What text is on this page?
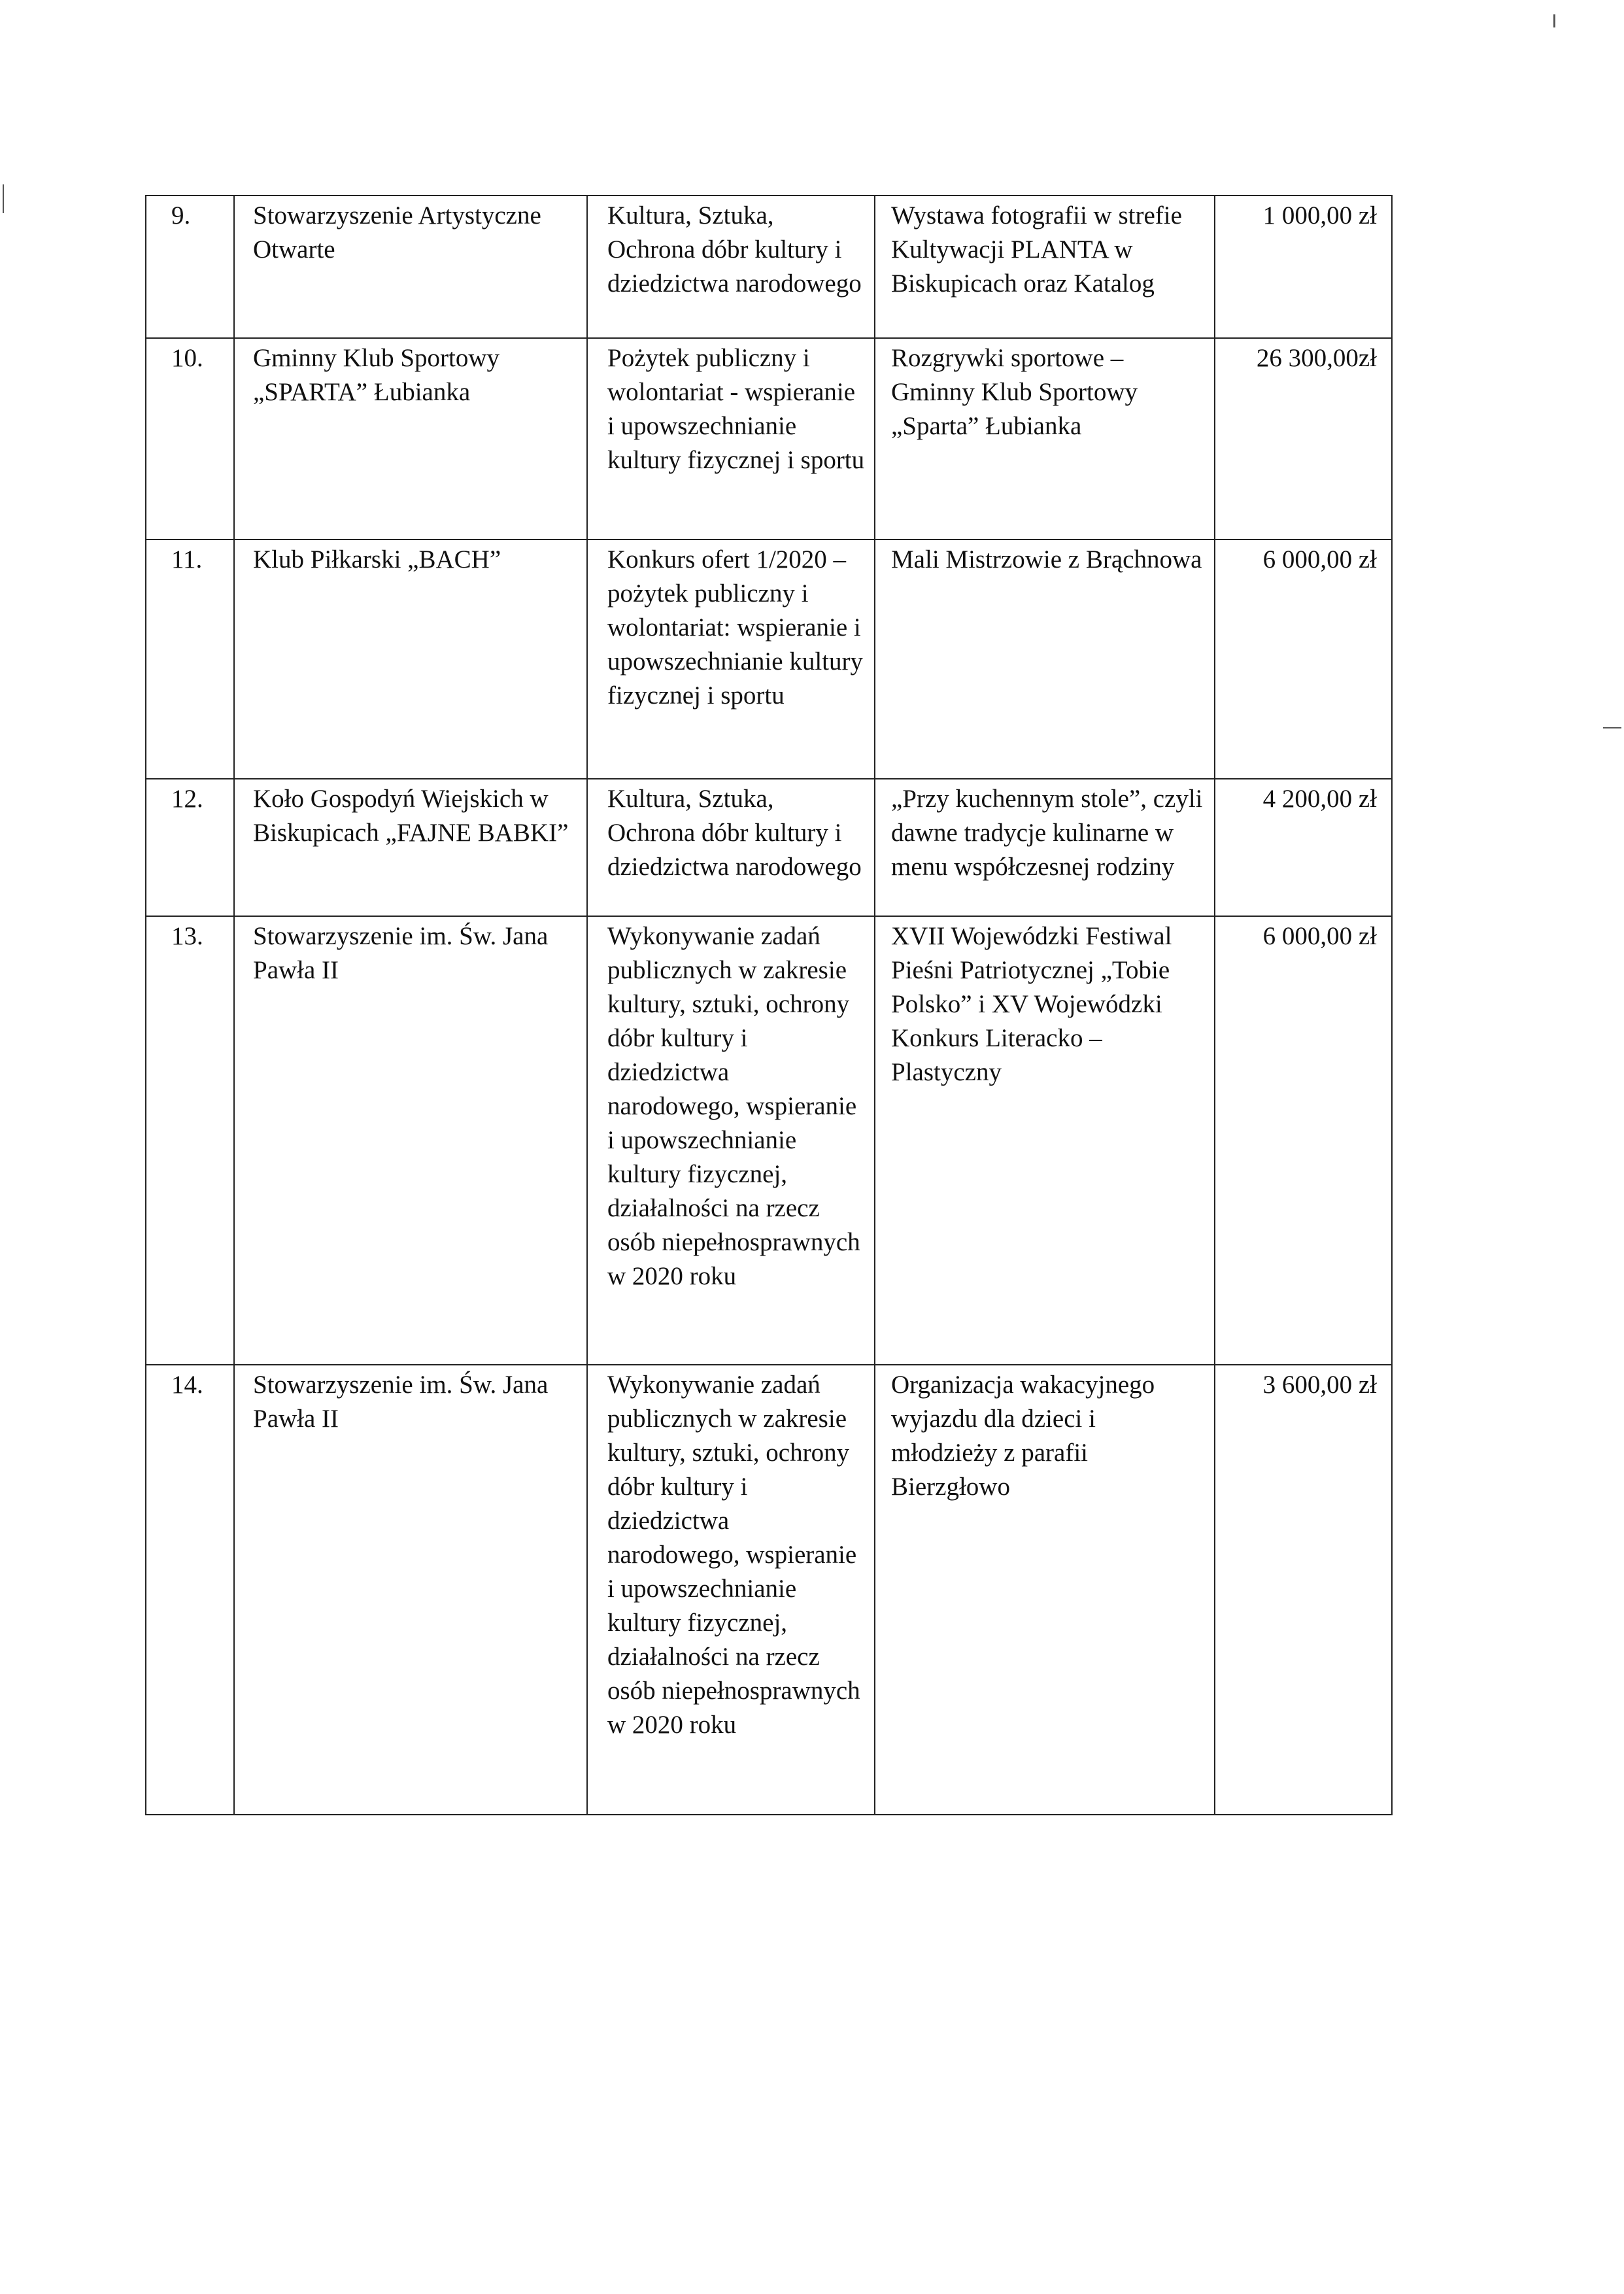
9.	Stowarzyszenie Artystyczne Otwarte	Kultura, Sztuka, Ochrona dóbr kultury i dziedzictwa narodowego	Wystawa fotografii w strefie Kultywacji PLANTA w Biskupicach oraz Katalog	1 000,00 zł
10.	Gminny Klub Sportowy „SPARTA” Łubianka	Pożytek publiczny i wolontariat - wspieranie i upowszechnianie kultury fizycznej i sportu	Rozgrywki sportowe – Gminny Klub Sportowy „Sparta” Łubianka	26 300,00zł
11.	Klub Piłkarski „BACH”	Konkurs ofert 1/2020 – pożytek publiczny i wolontariat: wspieranie i upowszechnianie kultury fizycznej i sportu	Mali Mistrzowie z Brąchnowa	6 000,00 zł
12.	Koło Gospodyń Wiejskich w Biskupicach „FAJNE BABKI”	Kultura, Sztuka, Ochrona dóbr kultury i dziedzictwa narodowego	„Przy kuchennym stole”, czyli dawne tradycje kulinarne w menu współczesnej rodziny	4 200,00 zł
13.	Stowarzyszenie im. Św. Jana Pawła II	Wykonywanie zadań publicznych w zakresie kultury, sztuki, ochrony dóbr kultury i dziedzictwa narodowego, wspieranie i upowszechnianie kultury fizycznej, działalności na rzecz osób niepełnosprawnych w 2020 roku	XVII Wojewódzki Festiwal Pieśni Patriotycznej „Tobie Polsko” i XV Wojewódzki Konkurs Literacko – Plastyczny	6 000,00 zł
14.	Stowarzyszenie im. Św. Jana Pawła II	Wykonywanie zadań publicznych w zakresie kultury, sztuki, ochrony dóbr kultury i dziedzictwa narodowego, wspieranie i upowszechnianie kultury fizycznej, działalności na rzecz osób niepełnosprawnych w 2020 roku	Organizacja wakacyjnego wyjazdu dla dzieci i młodzieży z parafii Bierzgłowo	3 600,00 zł
